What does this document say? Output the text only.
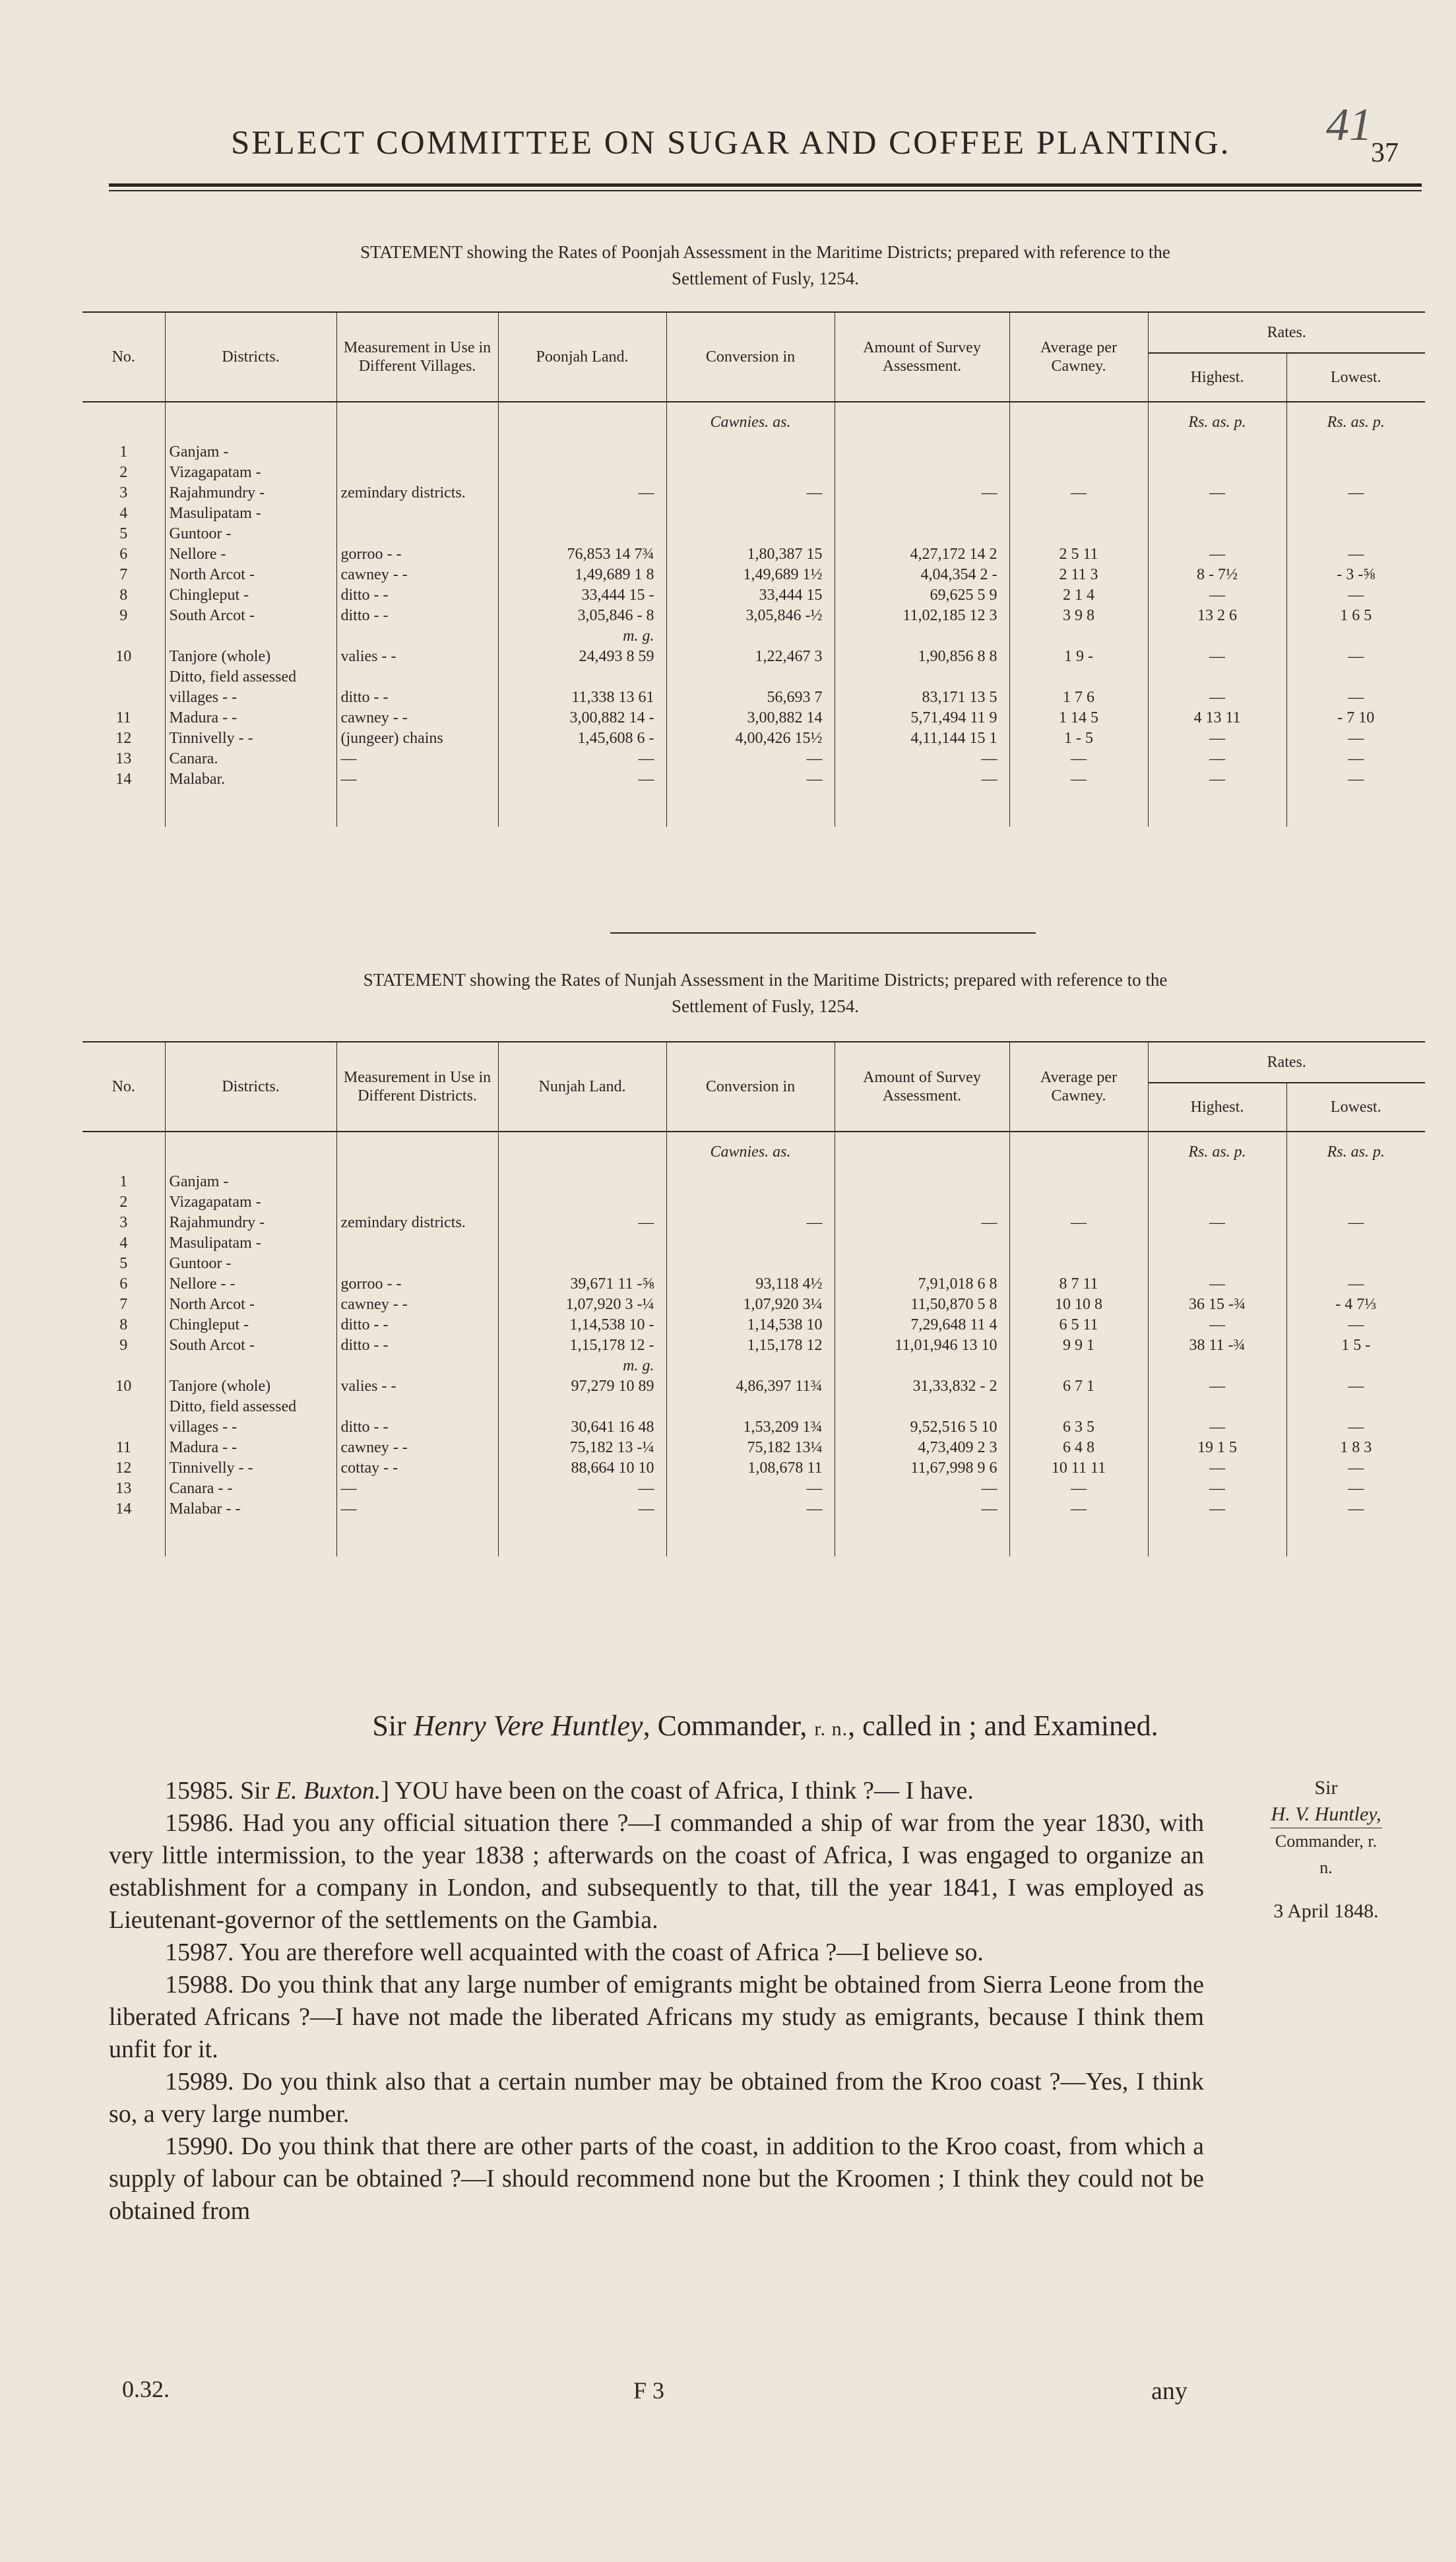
SELECT COMMITTEE ON SUGAR AND COFFEE PLANTING. 41
37
STATEMENT showing the Rates of Poonjah Assessment in the Maritime Districts; prepared with reference to the
Settlement of Fusly, 1254.
No.	Districts.	Measurement in Use in Different Villages.	Poonjah Land.	Conversion in	Amount of Survey Assessment.	Average per Cawney.	Rates.	
							Highest.	Lowest.
				Cawnies. as.			Rs. as. p.	Rs. as. p.
1	Ganjam -							
2	Vizagapatam -							
3	Rajahmundry -	zemindary districts.	—	—	—	—	—	—
4	Masulipatam -							
5	Guntoor -							
6	Nellore -	gorroo - -	76,853 14 7¾	1,80,387 15	4,27,172 14 2	2 5 11	—	—
7	North Arcot -	cawney - -	1,49,689 1 8	1,49,689 1½	4,04,354 2 -	2 11 3	8 - 7½	- 3 -⅝
8	Chingleput -	ditto - -	33,444 15 -	33,444 15	69,625 5 9	2 1 4	—	—
9	South Arcot -	ditto - -	3,05,846 - 8	3,05,846 -½	11,02,185 12 3	3 9 8	13 2 6	1 6 5
			m. g.					
10	Tanjore (whole)	valies - -	24,493 8 59	1,22,467 3	1,90,856 8 8	1 9 -	—	—
	Ditto, field assessed							
	villages - -	ditto - -	11,338 13 61	56,693 7	83,171 13 5	1 7 6	—	—
11	Madura - -	cawney - -	3,00,882 14 -	3,00,882 14	5,71,494 11 9	1 14 5	4 13 11	- 7 10
12	Tinnivelly - -	(jungeer) chains	1,45,608 6 -	4,00,426 15½	4,11,144 15 1	1 - 5	—	—
13	Canara.	—	—	—	—	—	—	—
14	Malabar.	—	—	—	—	—	—	—

STATEMENT showing the Rates of Nunjah Assessment in the Maritime Districts; prepared with reference to the
Settlement of Fusly, 1254.
No.	Districts.	Measurement in Use in Different Districts.	Nunjah Land.	Conversion in	Amount of Survey Assessment.	Average per Cawney.	Rates.	
							Highest.	Lowest.
				Cawnies. as.			Rs. as. p.	Rs. as. p.
1	Ganjam -							
2	Vizagapatam -							
3	Rajahmundry -	zemindary districts.	—	—	—	—	—	—
4	Masulipatam -							
5	Guntoor -							
6	Nellore - -	gorroo - -	39,671 11 -⅝	93,118 4½	7,91,018 6 8	8 7 11	—	—
7	North Arcot -	cawney - -	1,07,920 3 -¼	1,07,920 3¼	11,50,870 5 8	10 10 8	36 15 -¾	- 4 7⅓
8	Chingleput -	ditto - -	1,14,538 10 -	1,14,538 10	7,29,648 11 4	6 5 11	—	—
9	South Arcot -	ditto - -	1,15,178 12 -	1,15,178 12	11,01,946 13 10	9 9 1	38 11 -¾	1 5 -
			m. g.					
10	Tanjore (whole)	valies - -	97,279 10 89	4,86,397 11¾	31,33,832 - 2	6 7 1	—	—
	Ditto, field assessed							
	villages - -	ditto - -	30,641 16 48	1,53,209 1¾	9,52,516 5 10	6 3 5	—	—
11	Madura - -	cawney - -	75,182 13 -¼	75,182 13¼	4,73,409 2 3	6 4 8	19 1 5	1 8 3
12	Tinnivelly - -	cottay - -	88,664 10 10	1,08,678 11	11,67,998 9 6	10 11 11	—	—
13	Canara - -	—	—	—	—	—	—	—
14	Malabar - -	—	—	—	—	—	—	—

Sir Henry Vere Huntley, Commander, r. n., called in ; and Examined.
Sir
H. V. Huntley,
Commander, r. n.
3 April 1848.

15985. Sir E. Buxton.] YOU have been on the coast of Africa, I think ?— I have.

15986. Had you any official situation there ?—I commanded a ship of war from the year 1830, with very little intermission, to the year 1838 ; afterwards on the coast of Africa, I was engaged to organize an establishment for a company in London, and subsequently to that, till the year 1841, I was employed as Lieutenant-governor of the settlements on the Gambia.

15987. You are therefore well acquainted with the coast of Africa ?—I believe so.

15988. Do you think that any large number of emigrants might be obtained from Sierra Leone from the liberated Africans ?—I have not made the liberated Africans my study as emigrants, because I think them unfit for it.

15989. Do you think also that a certain number may be obtained from the Kroo coast ?—Yes, I think so, a very large number.

15990. Do you think that there are other parts of the coast, in addition to the Kroo coast, from which a supply of labour can be obtained ?—I should recommend none but the Kroomen ; I think they could not be obtained from

0.32.	F 3	any
